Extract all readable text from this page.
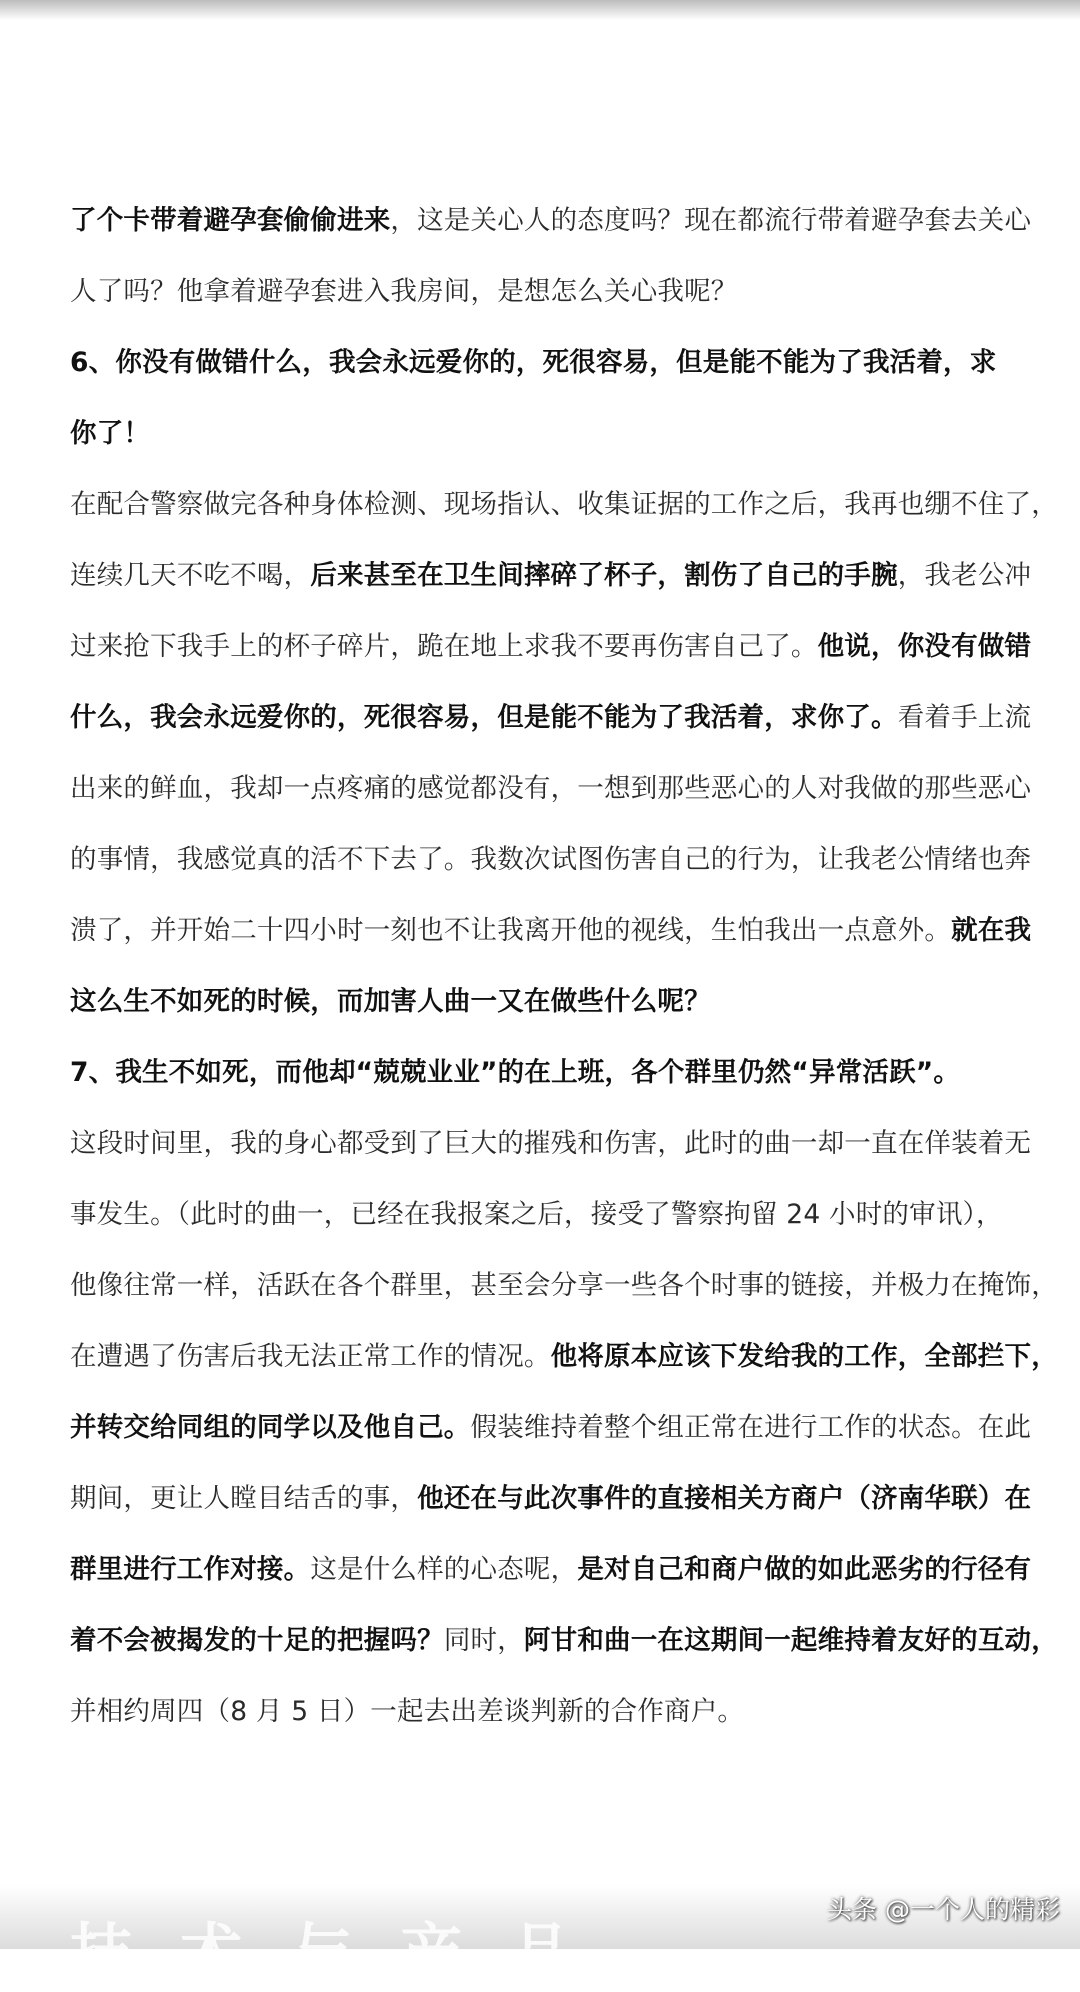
了个卡带着避孕套偷偷进来，这是关心人的态度吗？现在都流行带着避孕套去关心
人了吗？他拿着避孕套进入我房间，是想怎么关心我呢？
6、你没有做错什么，我会永远爱你的，死很容易，但是能不能为了我活着，求
你了！
在配合警察做完各种身体检测、现场指认、收集证据的工作之后，我再也绷不住了，
连续几天不吃不喝，后来甚至在卫生间摔碎了杯子，割伤了自己的手腕，我老公冲
过来抢下我手上的杯子碎片，跪在地上求我不要再伤害自己了。他说，你没有做错
什么，我会永远爱你的，死很容易，但是能不能为了我活着，求你了。看着手上流
出来的鲜血，我却一点疼痛的感觉都没有，一想到那些恶心的人对我做的那些恶心
的事情，我感觉真的活不下去了。我数次试图伤害自己的行为，让我老公情绪也奔
溃了，并开始二十四小时一刻也不让我离开他的视线，生怕我出一点意外。就在我
这么生不如死的时候，而加害人曲一又在做些什么呢？
7、我生不如死，而他却“兢兢业业”的在上班，各个群里仍然“异常活跃”。
这段时间里，我的身心都受到了巨大的摧残和伤害，此时的曲一却一直在佯装着无
事发生。（此时的曲一，已经在我报案之后，接受了警察拘留 24 小时的审讯），
他像往常一样，活跃在各个群里，甚至会分享一些各个时事的链接，并极力在掩饰，
在遭遇了伤害后我无法正常工作的情况。他将原本应该下发给我的工作，全部拦下，
并转交给同组的同学以及他自己。假装维持着整个组正常在进行工作的状态。在此
期间，更让人瞠目结舌的事，他还在与此次事件的直接相关方商户（济南华联）在
群里进行工作对接。这是什么样的心态呢，是对自己和商户做的如此恶劣的行径有
着不会被揭发的十足的把握吗？同时，阿甘和曲一在这期间一起维持着友好的互动，
并相约周四（8 月 5 日）一起去出差谈判新的合作商户。
技术与产品
头条 @一个人的精彩
